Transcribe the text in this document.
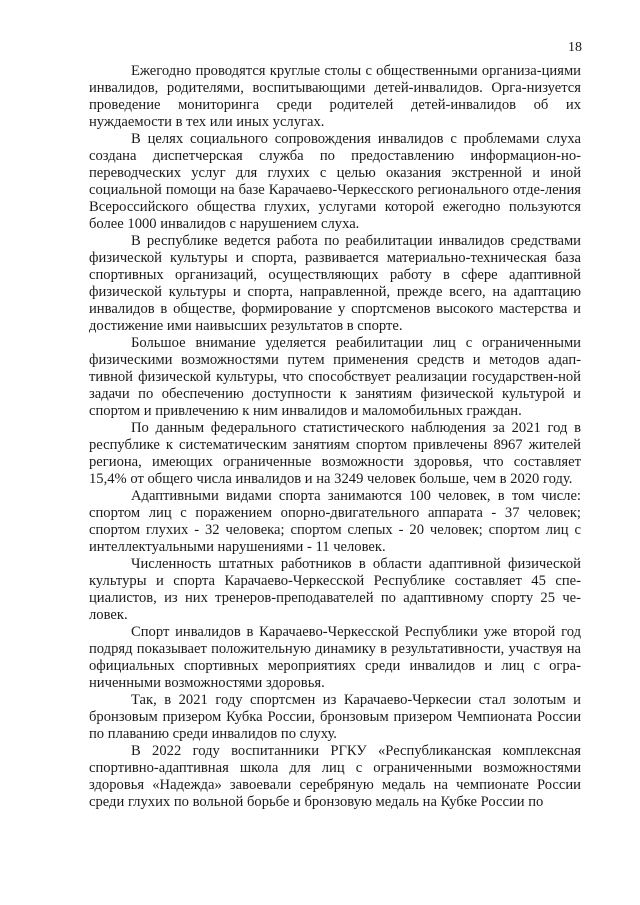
18

Ежегодно проводятся круглые столы с общественными организа-циями инвалидов, родителями, воспитывающими детей-инвалидов. Орга-низуется проведение мониторинга среди родителей детей-инвалидов об их нуждаемости в тех или иных услугах.

В целях социального сопровождения инвалидов с проблемами слуха создана диспетчерская служба по предоставлению информацион-но-переводческих услуг для глухих с целью оказания экстренной и иной социальной помощи на базе Карачаево-Черкесского регионального отде-ления Всероссийского общества глухих, услугами которой ежегодно пользуются более 1000 инвалидов с нарушением слуха.

В республике ведется работа по реабилитации инвалидов средствами физической культуры и спорта, развивается материально-техническая база спортивных организаций, осуществляющих работу в сфере адаптивной физической культуры и спорта, направленной, прежде всего, на адаптацию инвалидов в обществе, формирование у спортсменов высокого мастерства и достижение ими наивысших результатов в спорте.

Большое внимание уделяется реабилитации лиц с ограниченными физическими возможностями путем применения средств и методов адап-тивной физической культуры, что способствует реализации государствен-ной задачи по обеспечению доступности к занятиям физической культурой и спортом и привлечению к ним инвалидов и маломобильных граждан.

По данным федерального статистического наблюдения за 2021 год в республике к систематическим занятиям спортом привлечены 8967 жителей региона, имеющих ограниченные возможности здоровья, что составляет 15,4% от общего числа инвалидов и на 3249 человек больше, чем в 2020 году.

Адаптивными видами спорта занимаются 100 человек, в том числе: спортом лиц с поражением опорно-двигательного аппарата - 37 человек; спортом глухих - 32 человека; спортом слепых - 20 человек; спортом лиц с интеллектуальными нарушениями - 11 человек.

Численность штатных работников в области адаптивной физической культуры и спорта Карачаево-Черкесской Республике составляет 45 спе-циалистов, из них тренеров-преподавателей по адаптивному спорту 25 че-ловек.

Спорт инвалидов в Карачаево-Черкесской Республики уже второй год подряд показывает положительную динамику в результативности, участвуя на официальных спортивных мероприятиях среди инвалидов и лиц с огра-ниченными возможностями здоровья.

Так, в 2021 году спортсмен из Карачаево-Черкесии стал золотым и бронзовым призером Кубка России, бронзовым призером Чемпионата России по плаванию среди инвалидов по слуху.

В 2022 году воспитанники РГКУ «Республиканская комплексная спортивно-адаптивная школа для лиц с ограниченными возможностями здоровья «Надежда» завоевали серебряную медаль на чемпионате России среди глухих по вольной борьбе и бронзовую медаль на Кубке России по
